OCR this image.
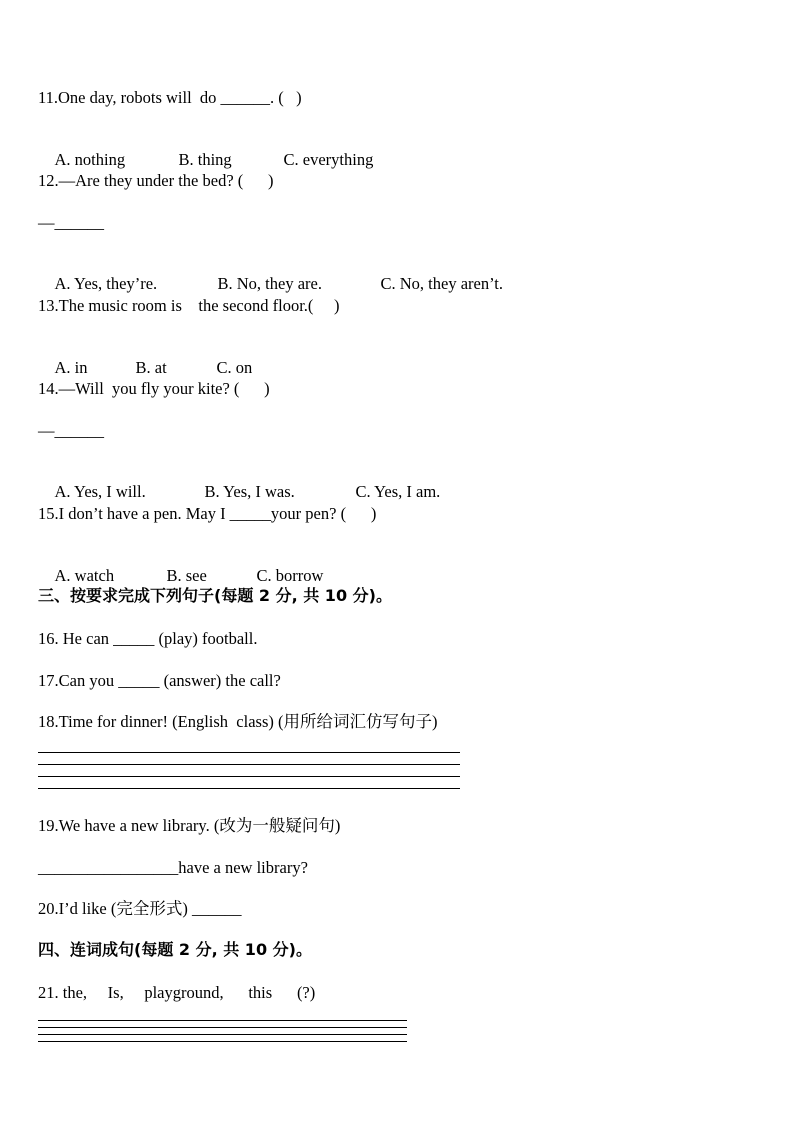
11.One day, robots will  do ______. (   )

A. nothing	B. thing	C. everything

12.—Are they under the bed? (      )
—______

A. Yes, they’re.	B. No, they are.	C. No, they aren’t.

13.The music room is    the second floor.(     )

A. in	B. at	C. on

14.—Will  you fly your kite? (      )
—______

A. Yes, I will.	B. Yes, I was.	C. Yes, I am.

15.I don’t have a pen. May I _____your pen? (      )

A. watch	B. see	C. borrow

三、按要求完成下列句子(每题 2 分, 共 10 分)。
16. He can _____ (play) football.
17.Can you _____ (answer) the call?
18.Time for dinner! (English  class) (用所给词汇仿写句子)
19.We have a new library. (改为一般疑问句)
_________________have a new library?
20.I’d like (完全形式) ______
四、连词成句(每题 2 分, 共 10 分)。
21. the,     Is,     playground,      this      (?)
